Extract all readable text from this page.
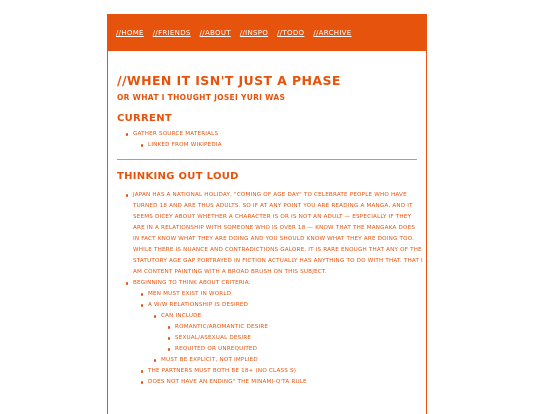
//HOME //FRIENDS //ABOUT //INSPO //TODO //ARCHIVE
//WHEN IT ISN'T JUST A PHASE
OR WHAT I THOUGHT JOSEI YURI WAS
CURRENT
GATHER SOURCE MATERIALS
LINKED FROM WIKIPEDIA
THINKING OUT LOUD
JAPAN HAS A NATIONAL HOLIDAY, "COMING OF AGE DAY" TO CELEBRATE PEOPLE WHO HAVE TURNED 18 AND ARE THUS ADULTS. SO IF AT ANY POINT YOU ARE READING A MANGA, AND IT SEEMS DICEY ABOUT WHETHER A CHARACTER IS OR IS NOT AN ADULT — ESPECIALLY IF THEY ARE IN A RELATIONSHIP WITH SOMEONE WHO IS OVER 18 — KNOW THAT THE MANGAKA DOES IN FACT KNOW WHAT THEY ARE DOING AND YOU SHOULD KNOW WHAT THEY ARE DOING TOO. WHILE THERE IS NUANCE AND CONTRADICTIONS GALORE, IT IS RARE ENOUGH THAT ANY OF THE STATUTORY AGE GAP PORTRAYED IN FICTION ACTUALLY HAS ANYTHING TO DO WITH THAT. THAT I AM CONTENT PAINTING WITH A BROAD BRUSH ON THIS SUBJECT.
BEGINNING TO THINK ABOUT CRITERIA:
MEN MUST EXIST IN WORLD
A W/W RELATIONSHIP IS DESIRED
CAN INCLUDE
ROMANTIC/AROMANTIC DESIRE
SEXUAL/ASEXUAL DESIRE
REQUITED OR UNREQUITED
MUST BE EXPLICIT, NOT IMPLIED
THE PARTNERS MUST BOTH BE 18+ (NO CLASS S)
DOES NOT HAVE AN ENDING" THE MINAMI-Q'TA RULE
